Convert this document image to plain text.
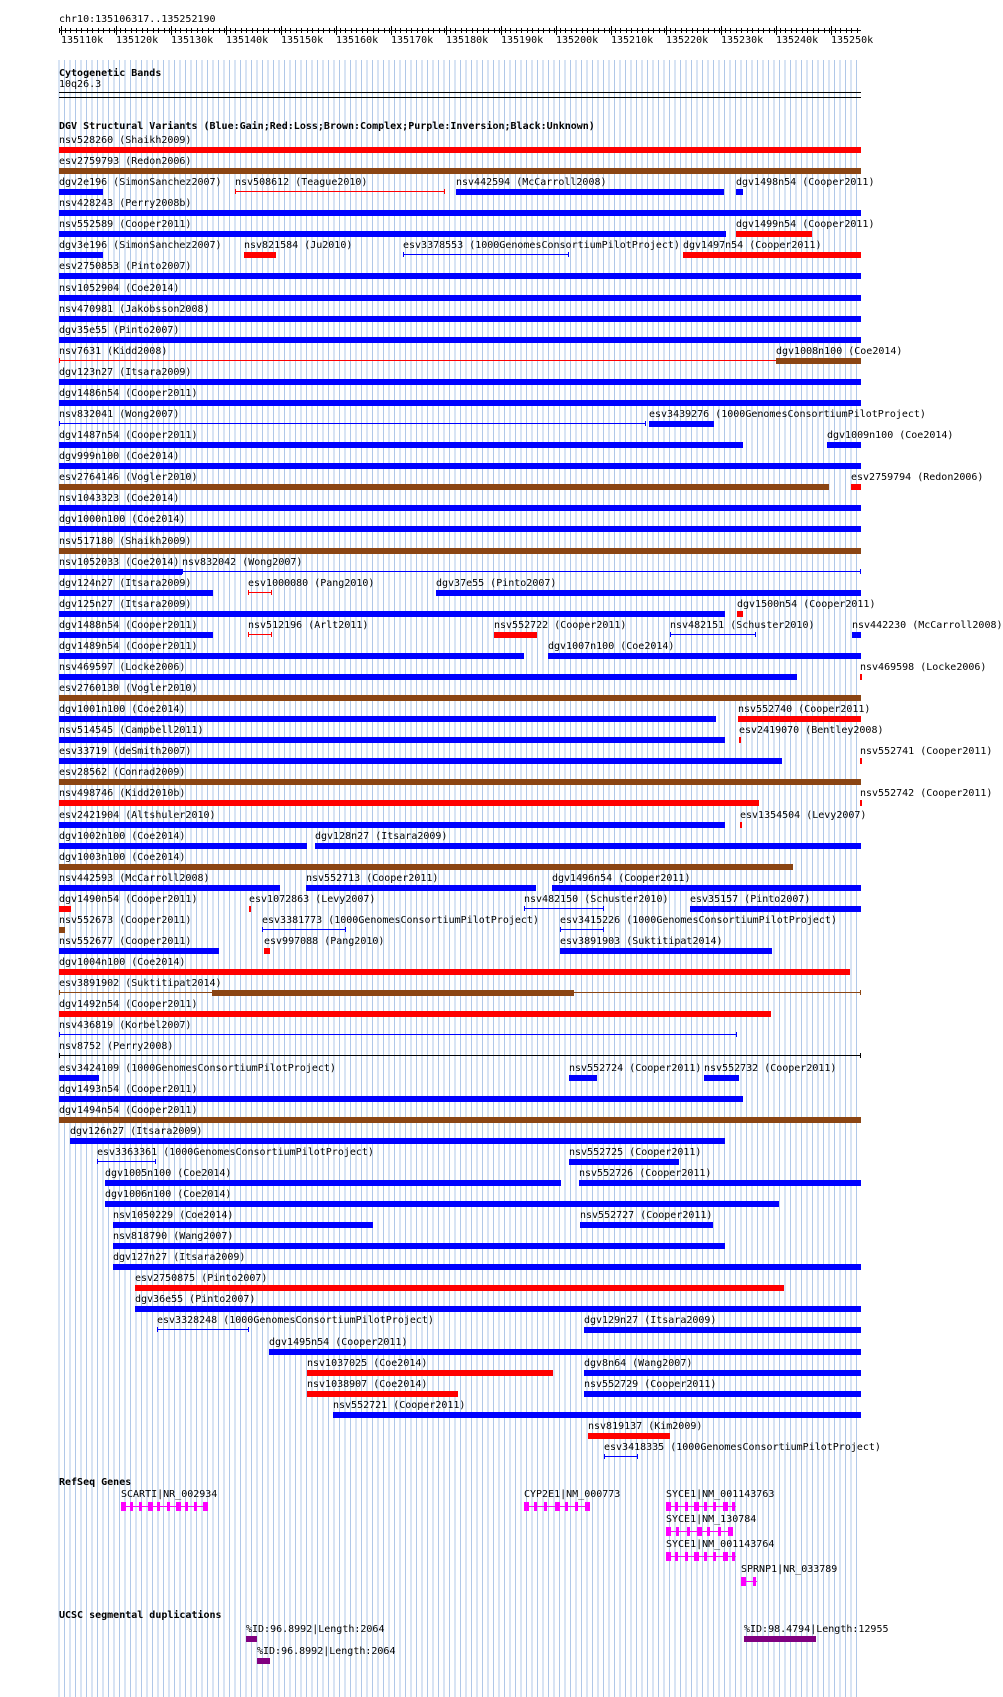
chr10:135106317..135252190
135110k 135120k 135130k 135140k 135150k 135160k 135170k 135180k 135190k 135200k 135210k 135220k 135230k 135240k 135250k
Cytogenetic Bands
10q26.3
DGV Structural Variants (Blue:Gain;Red:Loss;Brown:Complex;Purple:Inversion;Black:Unknown)
nsv528260 (Shaikh2009)
esv2759793 (Redon2006)
dgv2e196 (SimonSanchez2007) nsv508612 (Teague2010)	nsv442594 (McCarroll2008)	dgv1498n54 (Cooper2011)
nsv428243 (Perry2008b)
nsv552589 (Cooper2011)	dgv1499n54 (Cooper2011)
dgv3e196 (SimonSanchez2007) nsv821584 (Ju2010)	esv3378553 (1000GenomesConsortiumPilotProject) dgv1497n54 (Cooper2011)
esv2750853 (Pinto2007)
nsv1052904 (Coe2014)
nsv470981 (Jakobsson2008)
dgv35e55 (Pinto2007)
nsv7631 (Kidd2008)	dgv1008n100 (Coe2014)
dgv123n27 (Itsara2009)
dgv1486n54 (Cooper2011)
nsv832041 (Wong2007)	esv3439276 (1000GenomesConsortiumPilotProject)
dgv1487n54 (Cooper2011)	dgv1009n100 (Coe2014)
dgv999n100 (Coe2014)
esv2764146 (Vogler2010)	esv2759794 (Redon2006)
nsv1043323 (Coe2014)
dgv1000n100 (Coe2014)
nsv517180 (Shaikh2009)
nsv1052033 (Coe2014) nsv832042 (Wong2007)
dgv124n27 (Itsara2009)	esv1000080 (Pang2010)	dgv37e55 (Pinto2007)
dgv125n27 (Itsara2009)	dgv1500n54 (Cooper2011)
dgv1488n54 (Cooper2011)	nsv512196 (Arlt2011)	nsv552722 (Cooper2011)	nsv482151 (Schuster2010)	nsv442230 (McCarroll2008)
dgv1489n54 (Cooper2011)	dgv1007n100 (Coe2014)
nsv469597 (Locke2006)	nsv469598 (Locke2006)
esv2760130 (Vogler2010)
dgv1001n100 (Coe2014)	nsv552740 (Cooper2011)
nsv514545 (Campbell2011)	esv2419070 (Bentley2008)
esv33719 (deSmith2007)	nsv552741 (Cooper2011)
esv28562 (Conrad2009)
nsv498746 (Kidd2010b)	nsv552742 (Cooper2011)
esv2421904 (Altshuler2010)	esv1354504 (Levy2007)
dgv1002n100 (Coe2014)	dgv128n27 (Itsara2009)
dgv1003n100 (Coe2014)
nsv442593 (McCarroll2008)	nsv552713 (Cooper2011)	dgv1496n54 (Cooper2011)
dgv1490n54 (Cooper2011)	esv1072863 (Levy2007)	nsv482150 (Schuster2010) esv35157 (Pinto2007)
nsv552673 (Cooper2011)	esv3381773 (1000GenomesConsortiumPilotProject) esv3415226 (1000GenomesConsortiumPilotProject)
nsv552677 (Cooper2011)	esv997088 (Pang2010)	esv3891903 (Suktitipat2014)
dgv1004n100 (Coe2014)
esv3891902 (Suktitipat2014)
dgv1492n54 (Cooper2011)
nsv436819 (Korbel2007)
nsv8752 (Perry2008)
esv3424109 (1000GenomesConsortiumPilotProject)	nsv552724 (Cooper2011) nsv552732 (Cooper2011)
dgv1493n54 (Cooper2011)
dgv1494n54 (Cooper2011)
dgv126n27 (Itsara2009)
esv3363361 (1000GenomesConsortiumPilotProject)	nsv552725 (Cooper2011)
dgv1005n100 (Coe2014)	nsv552726 (Cooper2011)
dgv1006n100 (Coe2014)
nsv1050229 (Coe2014)	nsv552727 (Cooper2011)
nsv818790 (Wang2007)
dgv127n27 (Itsara2009)
esv2750875 (Pinto2007)
dgv36e55 (Pinto2007)
esv3328248 (1000GenomesConsortiumPilotProject)	dgv129n27 (Itsara2009)
dgv1495n54 (Cooper2011)
nsv1037025 (Coe2014)	dgv8n64 (Wang2007)
nsv1038907 (Coe2014)	nsv552729 (Cooper2011)
nsv552721 (Cooper2011)
nsv819137 (Kim2009)
esv3418335 (1000GenomesConsortiumPilotProject)
RefSeq Genes
SCARTI|NR_002934	CYP2E1|NM_000773	SYCE1|NM_001143763
SYCE1|NM_130784
SYCE1|NM_001143764
SPRNP1|NR_033789
UCSC segmental duplications
%ID:96.8992|Length:2064
%ID:96.8992|Length:2064
%ID:98.4794|Length:12955
